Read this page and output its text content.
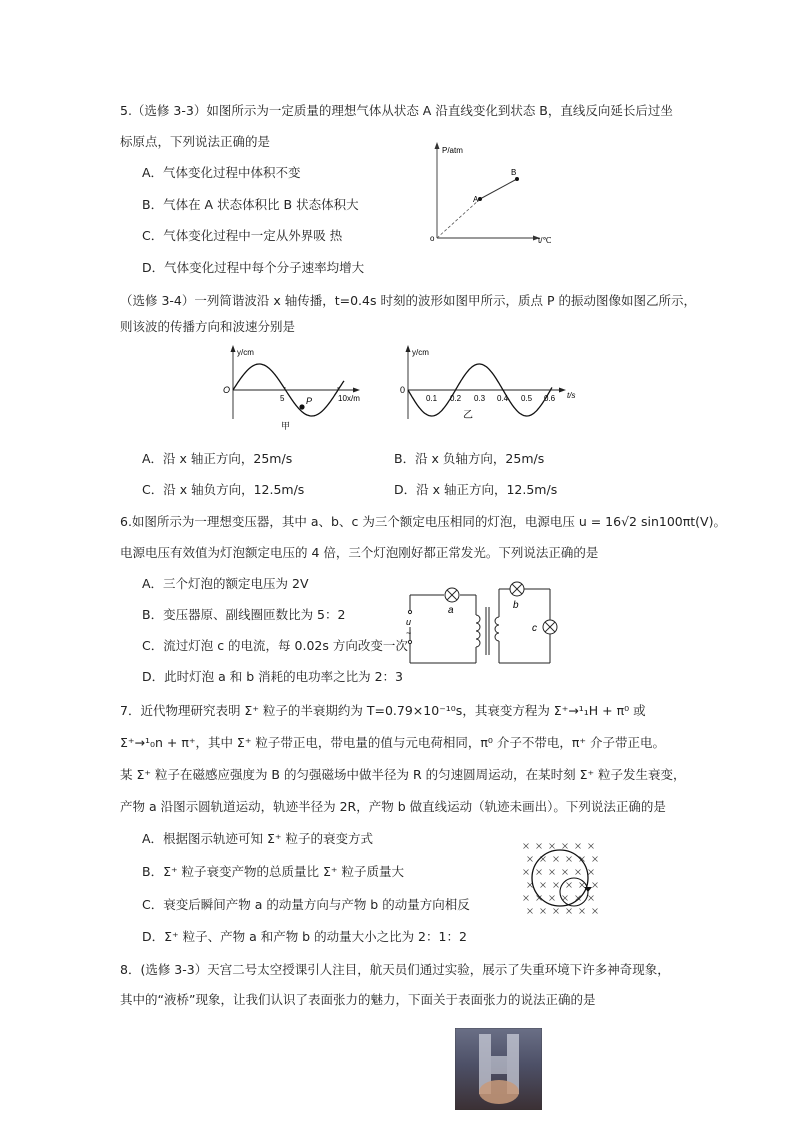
5.（选修 3-3）如图所示为一定质量的理想气体从状态 A 沿直线变化到状态 B，直线反向延长后过坐
标原点，下列说法正确的是
A．气体变化过程中体积不变
B．气体在 A 状态体积比 B 状态体积大
C．气体变化过程中一定从外界吸 热
D．气体变化过程中每个分子速率均增大
P/atm
t/℃
o
A
B
（选修 3-4）一列简谐波沿 x 轴传播，t=0.4s 时刻的波形如图甲所示，质点 P 的振动图像如图乙所示，
则该波的传播方向和波速分别是
y/cm
O
5	10 x/m
P
甲
y/cm
0
0.1 0.2 0.3 0.4 0.5 0.6 t/s
乙
A．沿 x 轴正方向，25m/s	B．沿 x 负轴方向，25m/s
C．沿 x 轴负方向，12.5m/s	D．沿 x 轴正方向，12.5m/s
6.如图所示为一理想变压器，其中 a、b、c 为三个额定电压相同的灯泡，电源电压 u = 16√2 sin100πt(V)。
电源电压有效值为灯泡额定电压的 4 倍，三个灯泡刚好都正常发光。下列说法正确的是
A．三个灯泡的额定电压为 2V
B．变压器原、副线圈匝数比为 5：2
C．流过灯泡 c 的电流，每 0.02s 方向改变一次
D．此时灯泡 a 和 b 消耗的电功率之比为 2：3
a	b
c
u
~
7．近代物理研究表明 Σ⁺ 粒子的半衰期约为 T=0.79×10⁻¹⁰s，其衰变方程为 Σ⁺→¹₁H + π⁰ 或
Σ⁺→¹₀n + π⁺，其中 Σ⁺ 粒子带正电，带电量的值与元电荷相同，π⁰ 介子不带电，π⁺ 介子带正电。
某 Σ⁺ 粒子在磁感应强度为 B 的匀强磁场中做半径为 R 的匀速圆周运动，在某时刻 Σ⁺ 粒子发生衰变，
产物 a 沿图示圆轨道运动，轨迹半径为 2R，产物 b 做直线运动（轨迹未画出）。下列说法正确的是
A．根据图示轨迹可知 Σ⁺ 粒子的衰变方式
B．Σ⁺ 粒子衰变产物的总质量比 Σ⁺ 粒子质量大
C．衰变后瞬间产物 a 的动量方向与产物 b 的动量方向相反
D．Σ⁺ 粒子、产物 a 和产物 b 的动量大小之比为 2：1：2
8．(选修 3-3）天宫二号太空授课引人注目，航天员们通过实验，展示了失重环境下许多神奇现象，
其中的“液桥”现象，让我们认识了表面张力的魅力，下面关于表面张力的说法正确的是
